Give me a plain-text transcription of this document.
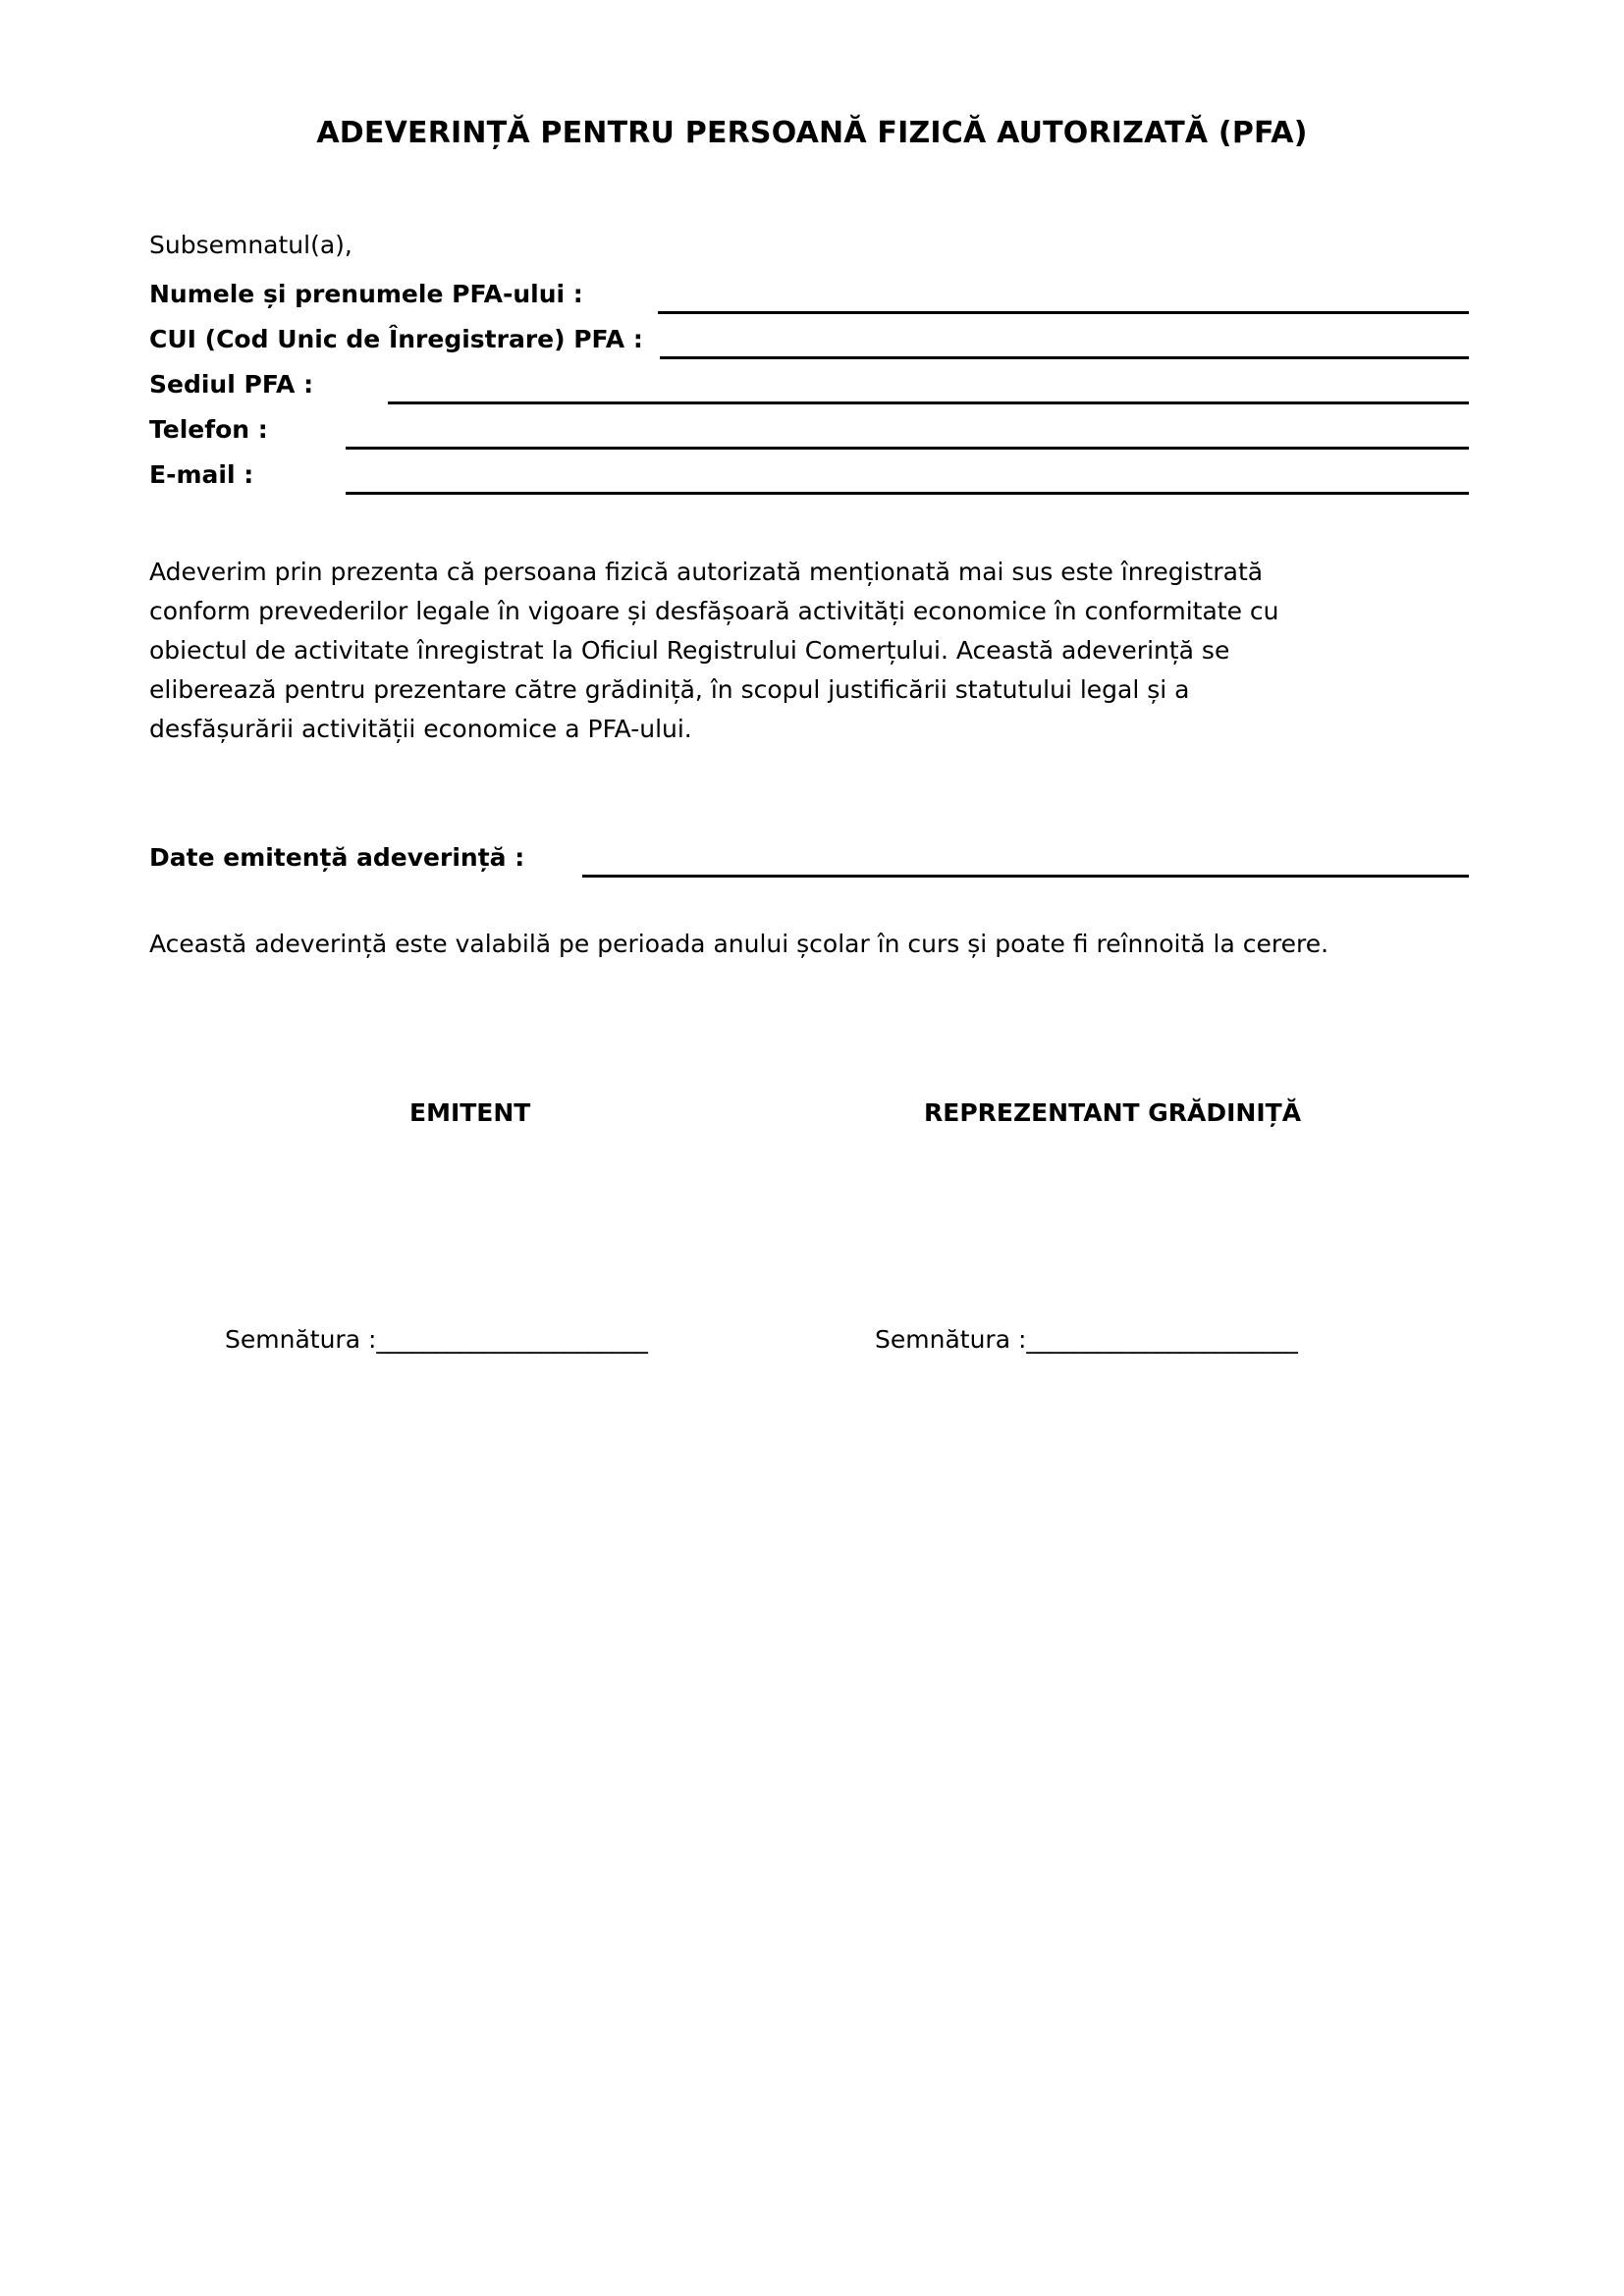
ADEVERINȚĂ PENTRU PERSOANĂ FIZICĂ AUTORIZATĂ (PFA)
Subsemnatul(a),
Numele și prenumele PFA-ului :
CUI (Cod Unic de Înregistrare) PFA :
Sediul PFA :
Telefon :
E-mail :
Adeverim prin prezenta că persoana fizică autorizată menționată mai sus este înregistrată conform prevederilor legale în vigoare și desfășoară activități economice în conformitate cu obiectul de activitate înregistrat la Oficiul Registrului Comerțului. Această adeverință se eliberează pentru prezentare către grădiniță, în scopul justificării statutului legal și a desfășurării activității economice a PFA-ului.
Date emitență adeverință :
Această adeverință este valabilă pe perioada anului școlar în curs și poate fi reînnoită la cerere.
EMITENT	REPREZENTANT GRĂDINIȚĂ
Semnătura :_______________________	Semnătura :_______________________
